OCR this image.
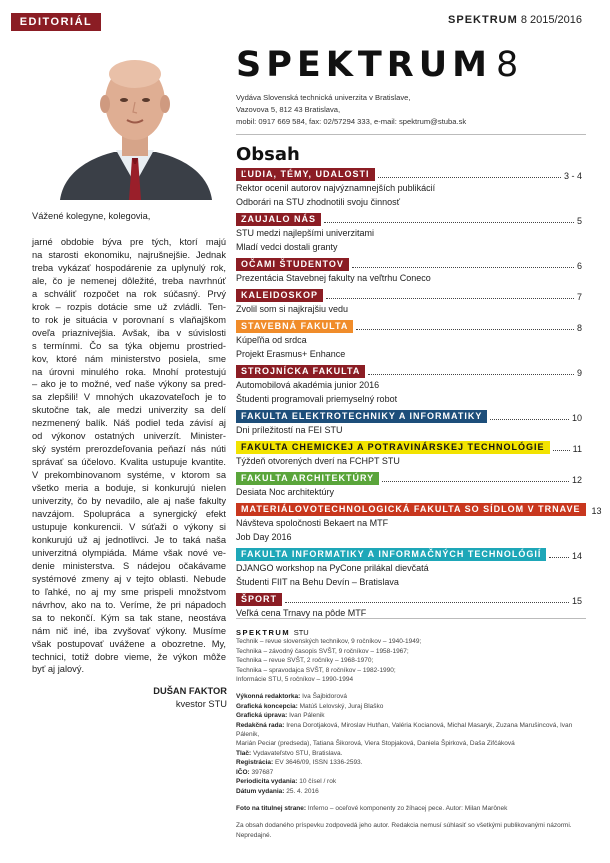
EDITORIÁL	SPEKTRUM 8 2015/2016
Vážené kolegyne, kolegovia,
jarné obdobie býva pre tých, ktorí majú
na starosti ekonomiku, najrušnejšie. Jednak
treba vykázať hospodárenie za uplynulý rok,
ale, čo je nemenej dôležité, treba navrhnúť
a schváliť rozpočet na rok súčasný. Prvý
krok – rozpis dotácie sme už zvládli. Ten-
to rok je situácia v porovnaní s vlaňajškom
oveľa priaznivejšia. Avšak, iba v súvislosti
s termínmi. Čo sa týka objemu prostried-
kov, ktoré nám ministerstvo posiela, sme
na úrovni minulého roka. Mnohí protestujú
– ako je to možné, veď naše výkony sa pred-
sa zlepšili! V mnohých ukazovateľoch je to
skutočne tak, ale medzi univerzity sa delí
nezmenený balík. Náš podiel teda závisí aj
od výkonov ostatných univerzít. Minister-
ský systém prerozdeľovania peňazí nás núti
správať sa účelovo. Kvalita ustupuje kvantite.
V prekombinovanom systéme, v ktorom sa
všetko meria a boduje, si konkurujú nielen
univerzity, čo by nevadilo, ale aj naše fakulty
navzájom. Spolupráca a synergický efekt
ustupuje konkurencii. V súťaži o výkony si
konkurujú už aj jednotlivci. Je to taká naša
univerzitná olympiáda. Máme však nové ve-
denie ministerstva. S nádejou očakávame
systémové zmeny aj v tejto oblasti. Nebude
to ľahké, no aj my sme prispeli množstvom
návrhov, ako na to. Veríme, že pri nápadoch
sa to nekončí. Kým sa tak stane, neostáva
nám nič iné, iba zvyšovať výkony. Musíme
však postupovať uvážene a obozretne. My,
technici, totiž dobre vieme, že výkon môže
byť aj jalový.
DUŠAN FAKTOR
kvestor STU
SPEKTRUM 8
Vydáva Slovenská technická univerzita v Bratislave,
Vazovova 5, 812 43 Bratislava,
mobil: 0917 669 584, fax: 02/57294 333, e-mail: spektrum@stuba.sk
Obsah
ĽUDIA, TÉMY, UDALOSTI	3 - 4
Rektor ocenil autorov najvýznamnejších publikácií
Odborári na STU zhodnotili svoju činnosť
ZAUJALO NÁS	5
STU medzi najlepšími univerzitami
Mladí vedci dostali granty
OČAMI ŠTUDENTOV	6
Prezentácia Stavebnej fakulty na veľtrhu Coneco
KALEIDOSKOP	7
Zvolil som si najkrajšiu vedu
STAVEBNÁ FAKULTA	8
Kúpeľňa od srdca
Projekt Erasmus+ Enhance
STROJNÍCKA FAKULTA	9
Automobilová akadémia junior 2016
Študenti programovali priemyselný robot
FAKULTA ELEKTROTECHNIKY A INFORMATIKY	10
Dni príležitostí na FEI STU
FAKULTA CHEMICKEJ A POTRAVINÁRSKEJ TECHNOLÓGIE	11
Týždeň otvorených dverí na FCHPT STU
FAKULTA ARCHITEKTÚRY	12
Desiata Noc architektúry
MATERIÁLOVOTECHNOLOGICKÁ FAKULTA SO SÍDLOM V TRNAVE	13
Návšteva spoločnosti Bekaert na MTF
Job Day 2016
FAKULTA INFORMATIKY A INFORMAČNÝCH TECHNOLÓGIÍ	14
DJANGO workshop na PyCone prilákal dievčatá
Študenti FIIT na Behu Devín – Bratislava
ŠPORT	15
Veľká cena Trnavy na pôde MTF
SPEKTRUM STU
Technik – revue slovenských technikov, 9 ročníkov – 1940-1949;
Technika – závodný časopis SVŠT, 9 ročníkov – 1958-1967;
Technika – revue SVŠT, 2 ročníky – 1968-1970;
Technika – spravodajca SVŠT, 8 ročníkov – 1982-1990;
Informácie STU, 5 ročníkov – 1990-1994
Výkonná redaktorka: Iva Šajbidorová
Grafická koncepcia: Matúš Lelovský, Juraj Blaško
Grafická úprava: Ivan Pálenik
Redakčná rada: Irena Dorotjaková, Miroslav Hutňan, Valéria Kocianová, Michal Masaryk, Zuzana Marušincová, Ivan Pálenik,
Marián Peciar (predseda), Tatiana Šikorová, Viera Stopjaková, Daniela Špirková, Daša Zifčáková
Tlač: Vydavateľstvo STU, Bratislava.
Registrácia: EV 3646/09, ISSN 1336-2593.
IČO: 397687
Periodicita vydania: 10 čísel / rok
Dátum vydania: 25. 4. 2016
Foto na titulnej strane: Inferno – oceľové komponenty zo žíhacej pece. Autor: Milan Marônek
Za obsah dodaného príspevku zodpovedá jeho autor. Redakcia nemusí súhlasiť so všetkými publikovanými názormi. Nepredajné.
